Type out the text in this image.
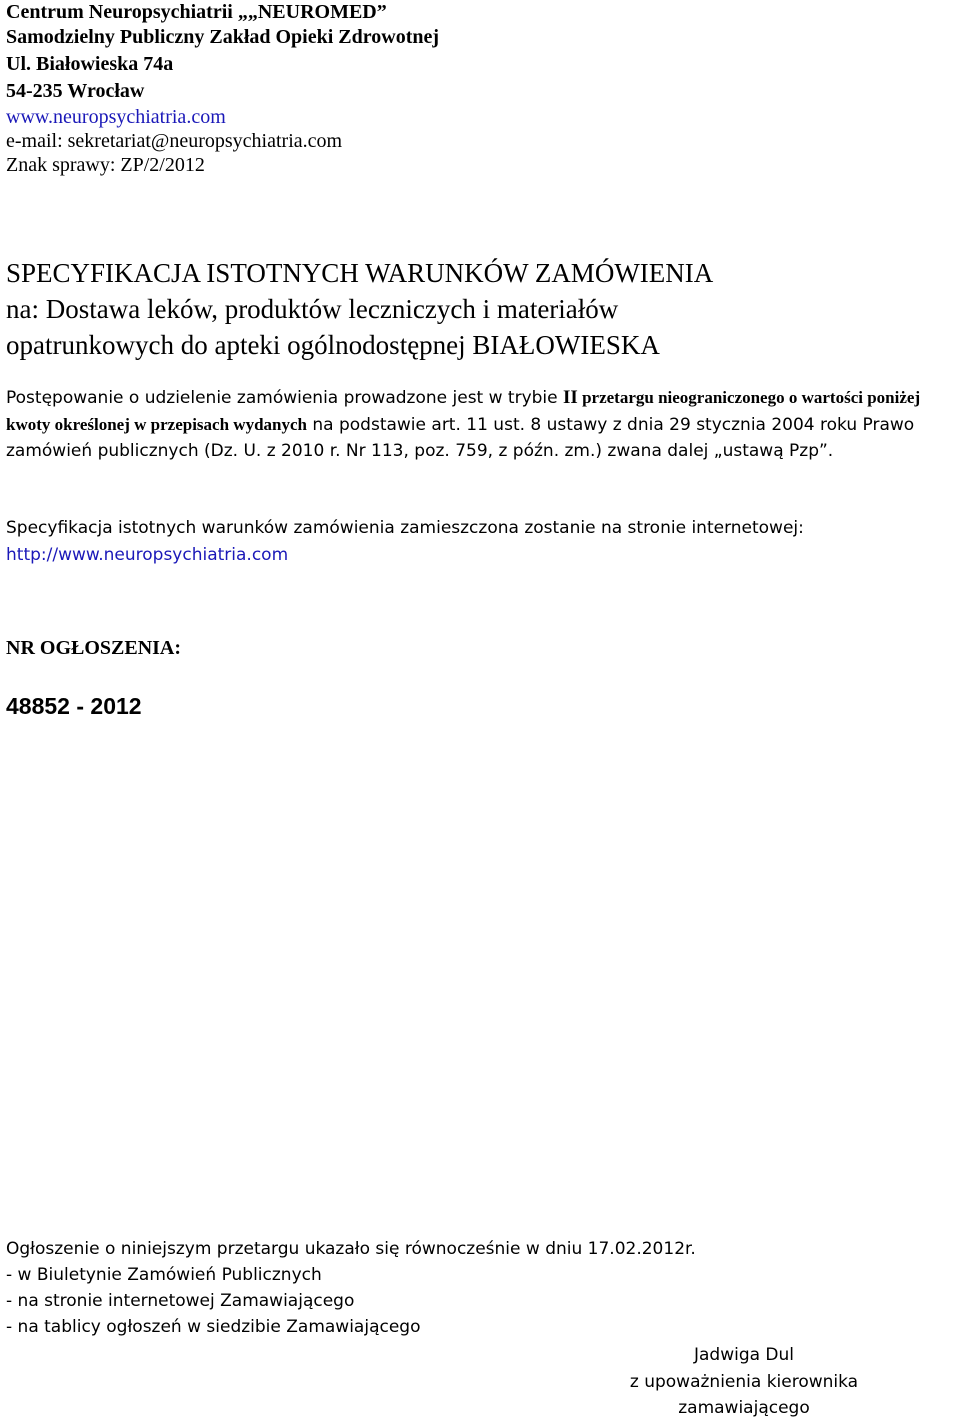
Centrum Neuropsychiatrii „„NEUROMED”
Samodzielny Publiczny Zakład Opieki Zdrowotnej
Ul. Białowieska 74a
54-235 Wrocław
www.neuropsychiatria.com
e-mail: sekretariat@neuropsychiatria.com
Znak sprawy: ZP/2/2012
SPECYFIKACJA ISTOTNYCH WARUNKÓW ZAMÓWIENIA
na: Dostawa leków, produktów leczniczych i materiałów
opatrunkowych do apteki ogólnodostępnej BIAŁOWIESKA
Postępowanie o udzielenie zamówienia prowadzone jest w trybie II przetargu nieograniczonego o wartości poniżej kwoty określonej w przepisach wydanych na podstawie art. 11 ust. 8 ustawy z dnia 29 stycznia 2004 roku Prawo zamówień publicznych (Dz. U. z 2010 r. Nr 113, poz. 759, z późn. zm.) zwana dalej „ustawą Pzp”.
Specyfikacja istotnych warunków zamówienia zamieszczona zostanie na stronie internetowej:
http://www.neuropsychiatria.com
NR OGŁOSZENIA:
48852 - 2012
Ogłoszenie o niniejszym przetargu ukazało się równocześnie w dniu 17.02.2012r.
- w Biuletynie Zamówień Publicznych
- na stronie internetowej Zamawiającego
- na tablicy ogłoszeń w siedzibie Zamawiającego
Jadwiga Dul
z upoważnienia kierownika
zamawiającego
